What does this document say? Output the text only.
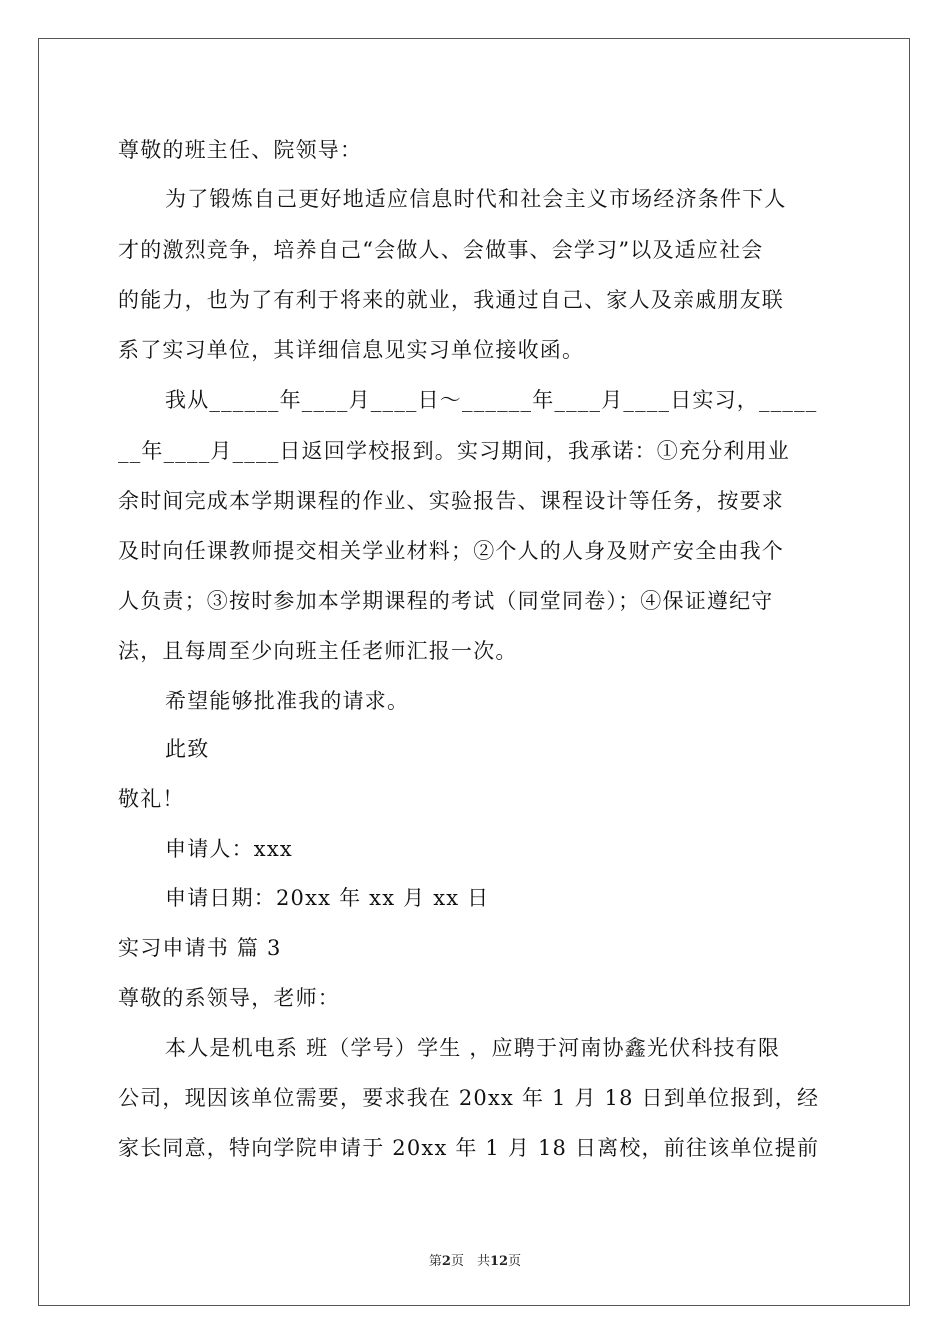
尊敬的班主任、院领导：
为了锻炼自己更好地适应信息时代和社会主义市场经济条件下人
才的激烈竞争，培养自己“会做人、会做事、会学习”以及适应社会
的能力，也为了有利于将来的就业，我通过自己、家人及亲戚朋友联
系了实习单位，其详细信息见实习单位接收函。
我从______年____月____日～______年____月____日实习，_____
__年____月____日返回学校报到。实习期间，我承诺：①充分利用业
余时间完成本学期课程的作业、实验报告、课程设计等任务，按要求
及时向任课教师提交相关学业材料；②个人的人身及财产安全由我个
人负责；③按时参加本学期课程的考试（同堂同卷）；④保证遵纪守
法，且每周至少向班主任老师汇报一次。
希望能够批准我的请求。
此致
敬礼！
申请人：xxx
申请日期：20xx 年 xx 月 xx 日
实习申请书 篇 3
尊敬的系领导，老师：
本人是机电系 班（学号）学生 ，应聘于河南协鑫光伏科技有限
公司，现因该单位需要，要求我在 20xx 年 1 月 18 日到单位报到，经
家长同意，特向学院申请于 20xx 年 1 月 18 日离校，前往该单位提前
第2页　共12页
